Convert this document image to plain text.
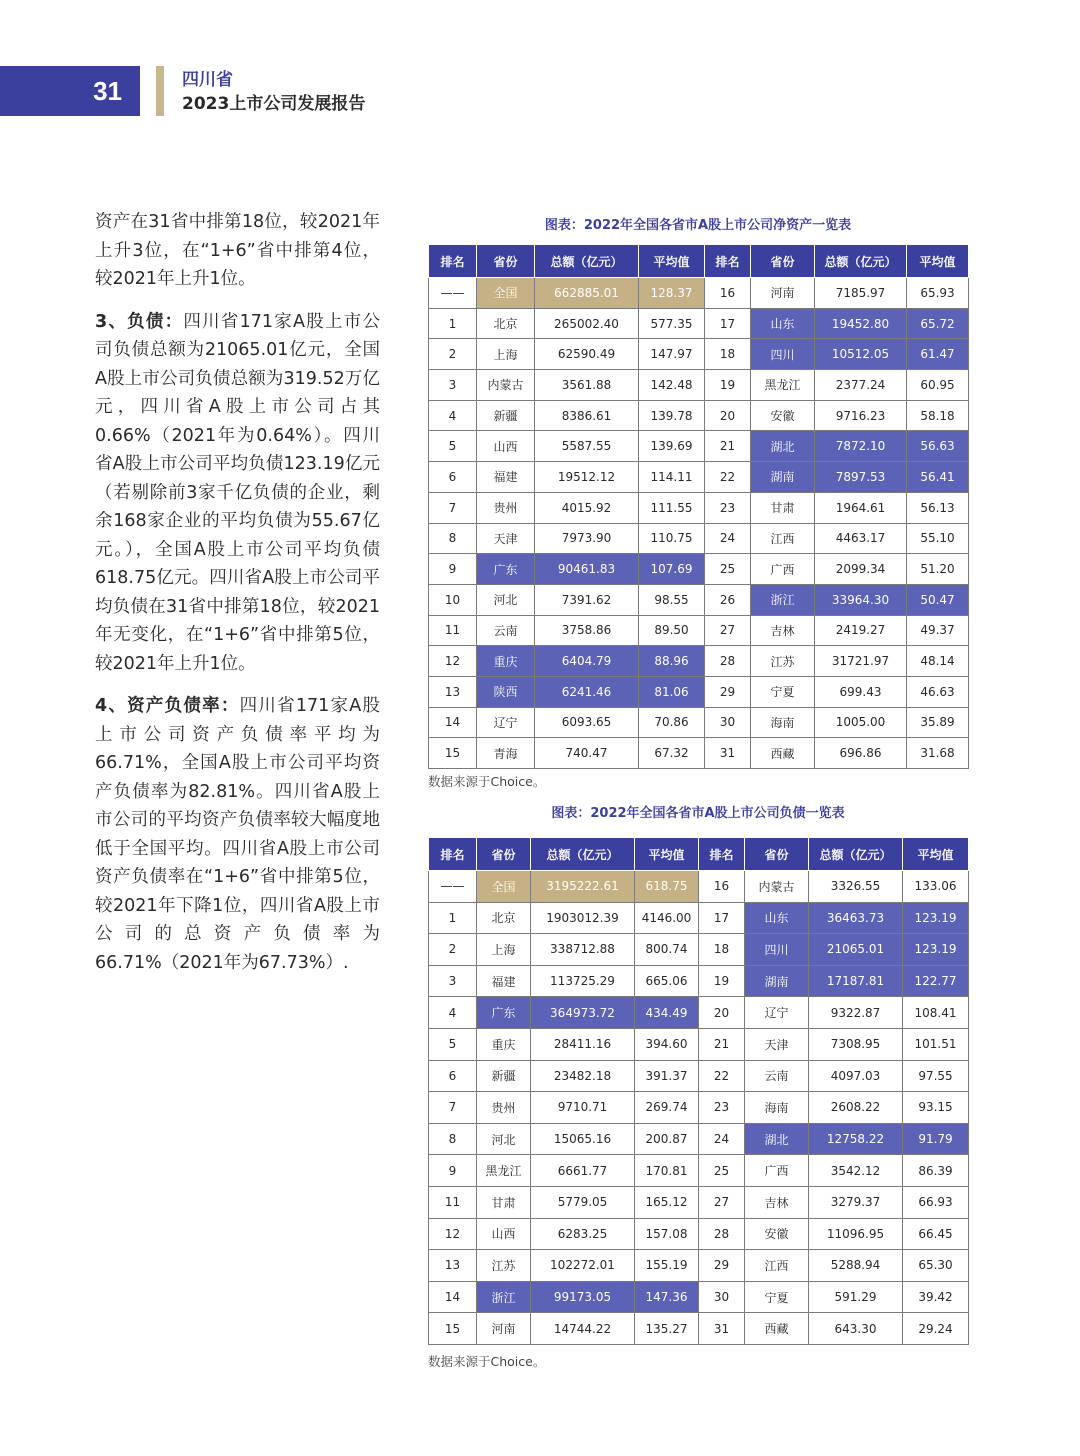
31	四川省
2023上市公司发展报告

资产在31省中排第18位，较2021年上升3位，在“1+6”省中排第4位，较2021年上升1位。

3、负债：四川省171家A股上市公司负债总额为21065.01亿元，全国A股上市公司负债总额为319.52万亿元，四川省A股上市公司占其0.66%（2021年为0.64%）。四川省A股上市公司平均负债123.19亿元（若剔除前3家千亿负债的企业，剩余168家企业的平均负债为55.67亿元。），全国A股上市公司平均负债618.75亿元。四川省A股上市公司平均负债在31省中排第18位，较2021年无变化，在“1+6”省中排第5位，较2021年上升1位。

4、资产负债率：四川省171家A股上市公司资产负债率平均为66.71%，全国A股上市公司平均资产负债率为82.81%。四川省A股上市公司的平均资产负债率较大幅度地低于全国平均。四川省A股上市公司资产负债率在“1+6”省中排第5位，较2021年下降1位，四川省A股上市公司的总资产负债率为66.71%（2021年为67.73%）.

图表：2022年全国各省市A股上市公司净资产一览表
排名	省份	总额（亿元）	平均值	排名	省份	总额（亿元）	平均值
——	全国	662885.01	128.37	16	河南	7185.97	65.93
1	北京	265002.40	577.35	17	山东	19452.80	65.72
2	上海	62590.49	147.97	18	四川	10512.05	61.47
3	内蒙古	3561.88	142.48	19	黑龙江	2377.24	60.95
4	新疆	8386.61	139.78	20	安徽	9716.23	58.18
5	山西	5587.55	139.69	21	湖北	7872.10	56.63
6	福建	19512.12	114.11	22	湖南	7897.53	56.41
7	贵州	4015.92	111.55	23	甘肃	1964.61	56.13
8	天津	7973.90	110.75	24	江西	4463.17	55.10
9	广东	90461.83	107.69	25	广西	2099.34	51.20
10	河北	7391.62	98.55	26	浙江	33964.30	50.47
11	云南	3758.86	89.50	27	吉林	2419.27	49.37
12	重庆	6404.79	88.96	28	江苏	31721.97	48.14
13	陕西	6241.46	81.06	29	宁夏	699.43	46.63
14	辽宁	6093.65	70.86	30	海南	1005.00	35.89
15	青海	740.47	67.32	31	西藏	696.86	31.68
数据来源于Choice。
图表：2022年全国各省市A股上市公司负债一览表
排名	省份	总额（亿元）	平均值	排名	省份	总额（亿元）	平均值
——	全国	3195222.61	618.75	16	内蒙古	3326.55	133.06
1	北京	1903012.39	4146.00	17	山东	36463.73	123.19
2	上海	338712.88	800.74	18	四川	21065.01	123.19
3	福建	113725.29	665.06	19	湖南	17187.81	122.77
4	广东	364973.72	434.49	20	辽宁	9322.87	108.41
5	重庆	28411.16	394.60	21	天津	7308.95	101.51
6	新疆	23482.18	391.37	22	云南	4097.03	97.55
7	贵州	9710.71	269.74	23	海南	2608.22	93.15
8	河北	15065.16	200.87	24	湖北	12758.22	91.79
9	黑龙江	6661.77	170.81	25	广西	3542.12	86.39
11	甘肃	5779.05	165.12	27	吉林	3279.37	66.93
12	山西	6283.25	157.08	28	安徽	11096.95	66.45
13	江苏	102272.01	155.19	29	江西	5288.94	65.30
14	浙江	99173.05	147.36	30	宁夏	591.29	39.42
15	河南	14744.22	135.27	31	西藏	643.30	29.24
数据来源于Choice。
